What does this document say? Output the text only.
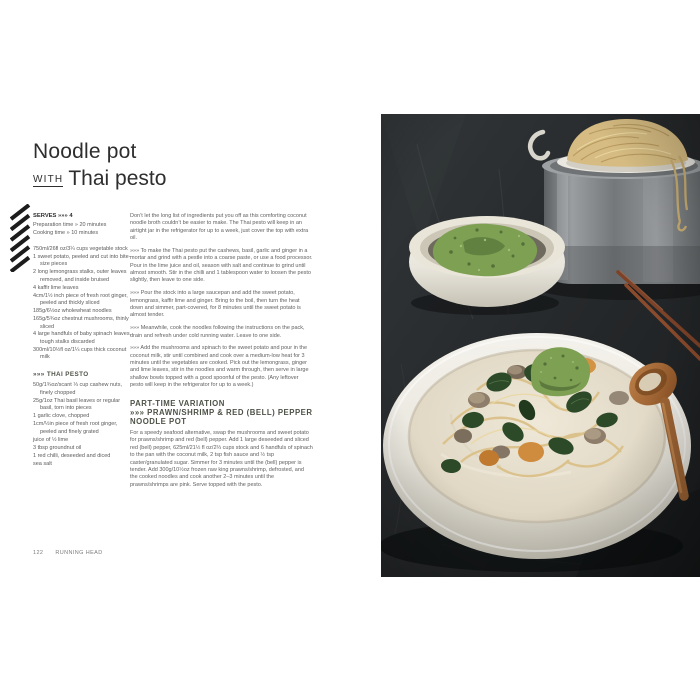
Noodle pot
WITH Thai pesto
SERVES »»» 4
Preparation time » 20 minutes
Cooking time » 10 minutes
750ml/26fl oz/3¼ cups vegetable stock
1 sweet potato, peeled and cut into bite-size pieces
2 long lemongrass stalks, outer leaves removed, and inside bruised
4 kaffir lime leaves
4cm/1½ inch piece of fresh root ginger, peeled and thickly sliced
185g/6½oz wholewheat noodles
165g/5¾oz chestnut mushrooms, thinly sliced
4 large handfuls of baby spinach leaves, tough stalks discarded
300ml/10½fl oz/1¼ cups thick coconut milk
»»» THAI PESTO
50g/1¾oz/scant ⅓ cup cashew nuts, finely chopped
25g/1oz Thai basil leaves or regular basil, torn into pieces
1 garlic clove, chopped
1cm/½in piece of fresh root ginger, peeled and finely grated
juice of ½ lime
3 tbsp groundnut oil
1 red chilli, deseeded and diced
sea salt

Don’t let the long list of ingredients put you off as this comforting coconut noodle broth couldn’t be easier to make. The Thai pesto will keep in an airtight jar in the refrigerator for up to a week, just cover the top with extra oil.

»»» To make the Thai pesto put the cashews, basil, garlic and ginger in a mortar and grind with a pestle into a coarse paste, or use a food processor. Pour in the lime juice and oil, season with salt and continue to grind until almost smooth. Stir in the chilli and 1 tablespoon water to loosen the pesto slightly, then leave to one side.

»»» Pour the stock into a large saucepan and add the sweet potato, lemongrass, kaffir lime and ginger. Bring to the boil, then turn the heat down and simmer, part-covered, for 8 minutes until the sweet potato is almost tender.

»»» Meanwhile, cook the noodles following the instructions on the pack, drain and refresh under cold running water. Leave to one side.

»»» Add the mushrooms and spinach to the sweet potato and pour in the coconut milk, stir until combined and cook over a medium-low heat for 3 minutes until the vegetables are cooked. Pick out the lemongrass, ginger and lime leaves, stir in the noodles and warm through, then serve in large shallow bowls topped with a good spoonful of the pesto. (Any leftover pesto will keep in the refrigerator for up to a week.)

PART-TIME VARIATION
»»» PRAWN/SHRIMP & RED (BELL) PEPPER
NOODLE POT

For a speedy seafood alternative, swap the mushrooms and sweet potato for prawns/shrimp and red (bell) pepper. Add 1 large deseeded and sliced red (bell) pepper, 625ml/21½ fl oz/2⅔ cups stock and 6 handfuls of spinach to the pan with the coconut milk, 2 tsp fish sauce and ½ tsp caster/granulated sugar. Simmer for 3 minutes until the (bell) pepper is tender. Add 300g/10½oz frozen raw king prawns/shrimp, defrosted, and the cooked noodles and cook another 2–3 minutes until the prawns/shrimps are pink. Serve topped with the pesto.

122 RUNNING HEAD
